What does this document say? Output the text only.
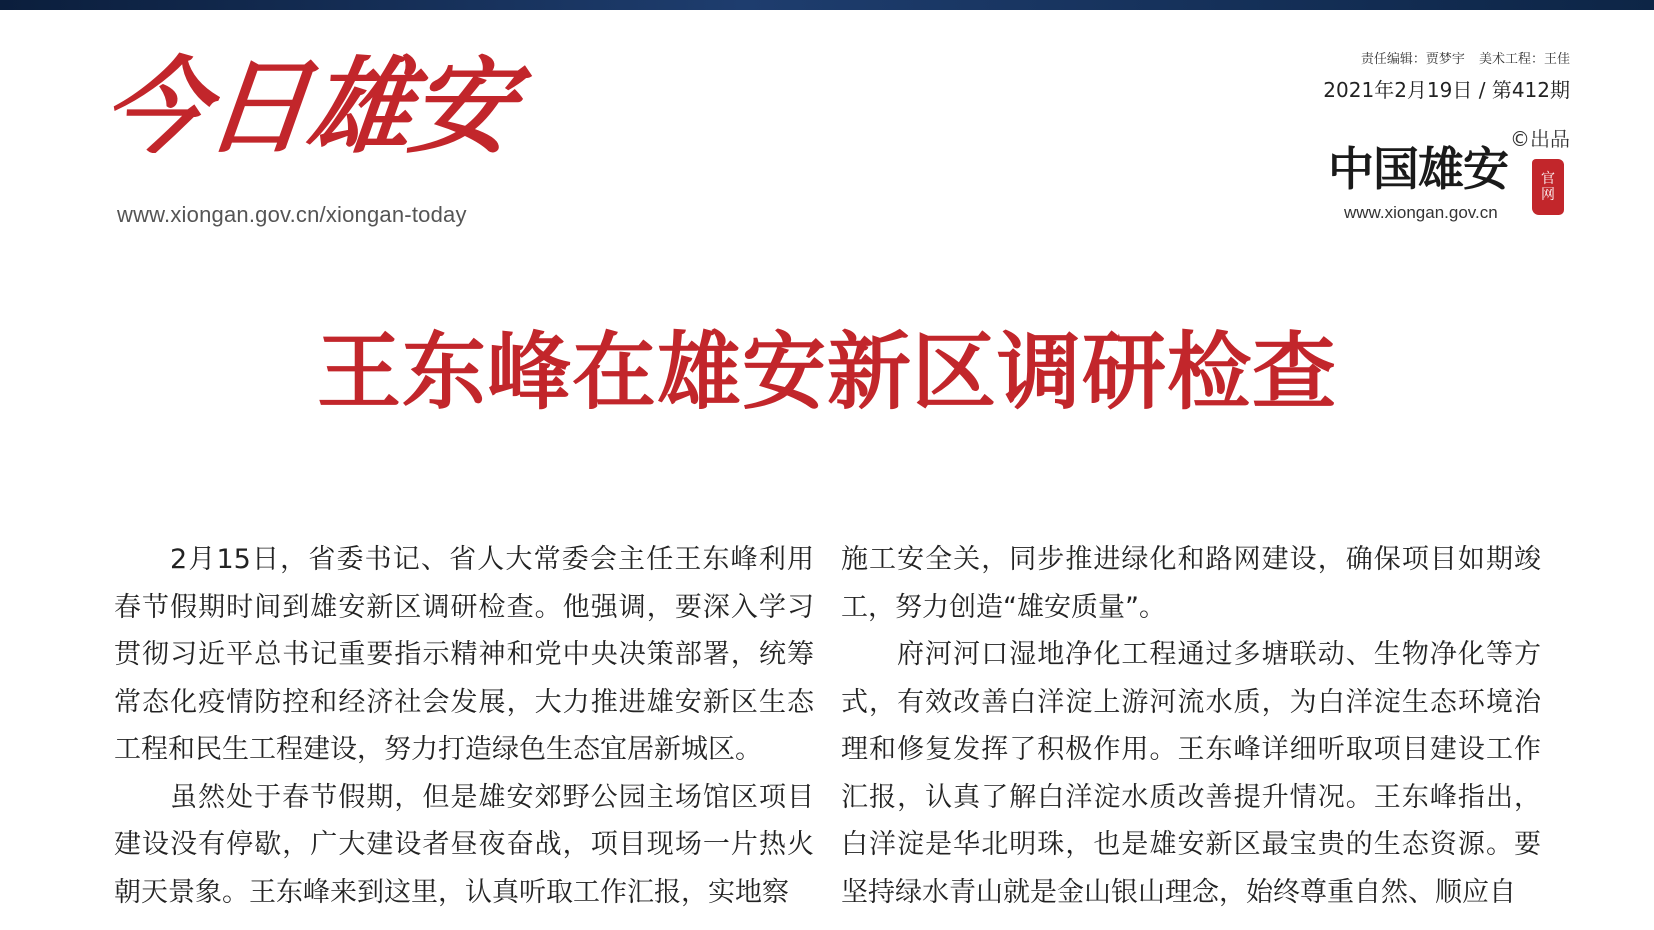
今日雄安
www.xiongan.gov.cn/xiongan-today
责任编辑：贾梦宇 美术工程：王佳
2021年2月19日 / 第412期
©出品
中国雄安 官
网
www.xiongan.gov.cn
王东峰在雄安新区调研检查

2月15日，省委书记、省人大常委会主任王东峰利用春节假期时间到雄安新区调研检查。他强调，要深入学习贯彻习近平总书记重要指示精神和党中央决策部署，统筹常态化疫情防控和经济社会发展，大力推进雄安新区生态工程和民生工程建设，努力打造绿色生态宜居新城区。

虽然处于春节假期，但是雄安郊野公园主场馆区项目建设没有停歇，广大建设者昼夜奋战，项目现场一片热火朝天景象。王东峰来到这里，认真听取工作汇报，实地察

施工安全关，同步推进绿化和路网建设，确保项目如期竣工，努力创造“雄安质量”。

府河河口湿地净化工程通过多塘联动、生物净化等方式，有效改善白洋淀上游河流水质，为白洋淀生态环境治理和修复发挥了积极作用。王东峰详细听取项目建设工作汇报，认真了解白洋淀水质改善提升情况。王东峰指出，白洋淀是华北明珠，也是雄安新区最宝贵的生态资源。要坚持绿水青山就是金山银山理念，始终尊重自然、顺应自
